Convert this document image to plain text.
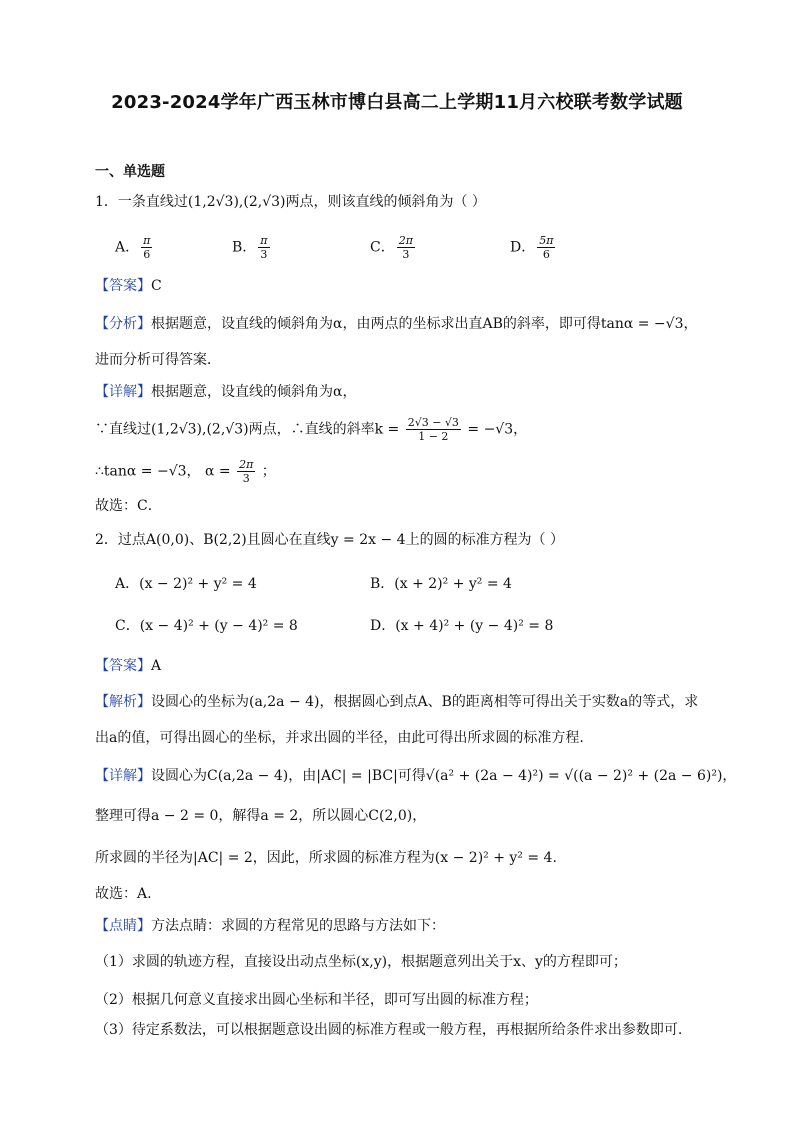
2023-2024学年广西玉林市博白县高二上学期11月六校联考数学试题
一、单选题
1．一条直线过(1,2√3),(2,√3)两点，则该直线的倾斜角为（ ）
A． $\frac{\pi}{6}$	B． $\frac{\pi}{3}$	C． $\frac{2\pi}{3}$	D． $\frac{5\pi}{6}$
【答案】C
【分析】根据题意，设直线的倾斜角为α，由两点的坐标求出直AB的斜率，即可得tanα = −√3，
进而分析可得答案．
【详解】根据题意，设直线的倾斜角为α，
∵直线过(1,2√3),(2,√3)两点，∴直线的斜率$k = \frac{2√3 - √3}{1 - 2} = -√3$，
∴tanα = −√3， $\alpha = \frac{2\pi}{3}$ ；
故选：C．
2．过点A(0,0)、B(2,2)且圆心在直线y = 2x − 4上的圆的标准方程为（ ）
A．(x − 2)² + y² = 4	B．(x + 2)² + y² = 4
C．(x − 4)² + (y − 4)² = 8	D．(x + 4)² + (y − 4)² = 8
【答案】A
【解析】设圆心的坐标为(a,2a − 4)，根据圆心到点A、B的距离相等可得出关于实数a的等式，求
出a的值，可得出圆心的坐标，并求出圆的半径，由此可得出所求圆的标准方程.
【详解】设圆心为C(a,2a − 4)，由|AC| = |BC|可得√(a² + (2a − 4)²) = √((a − 2)² + (2a − 6)²)，
整理可得a − 2 = 0，解得a = 2，所以圆心C(2,0)，
所求圆的半径为|AC| = 2，因此，所求圆的标准方程为(x − 2)² + y² = 4.
故选：A.
【点睛】方法点睛：求圆的方程常见的思路与方法如下：
（1）求圆的轨迹方程，直接设出动点坐标(x,y)，根据题意列出关于x、y的方程即可；
（2）根据几何意义直接求出圆心坐标和半径，即可写出圆的标准方程；
（3）待定系数法，可以根据题意设出圆的标准方程或一般方程，再根据所给条件求出参数即可.
